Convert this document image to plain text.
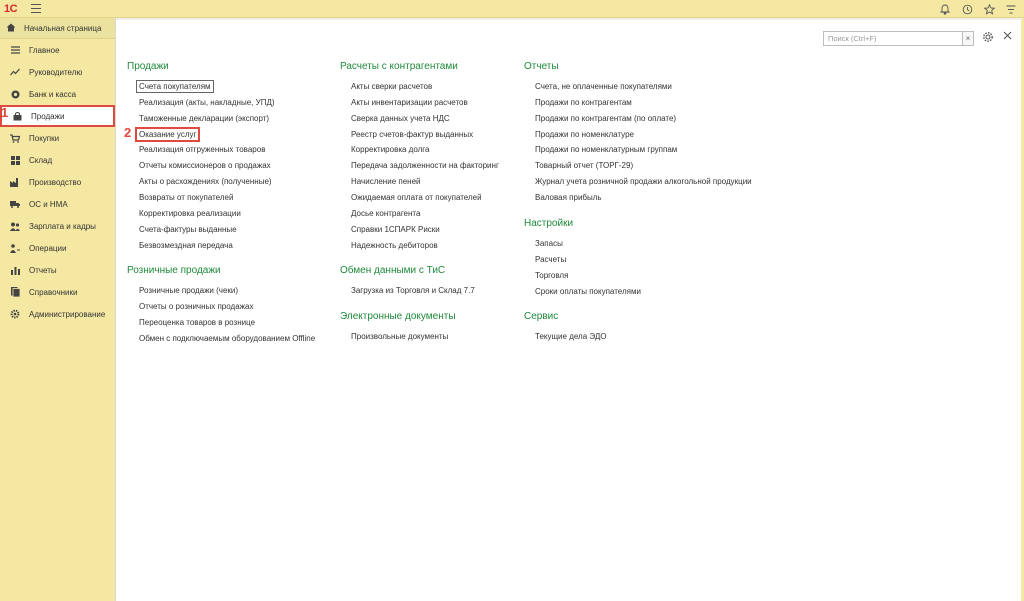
1С
Начальная страница
Главное
Руководителю
Банк и касса
Продажи
Покупки
Склад
Производство
ОС и НМА
Зарплата и кадры
Операции
Отчеты
Справочники
Администрирование
1
Поиск (Ctrl+F)	×
Продажи
Счета покупателям
Реализация (акты, накладные, УПД)
Таможенные декларации (экспорт)
Оказание услуг
Реализация отгруженных товаров
Отчеты комиссионеров о продажах
Акты о расхождениях (полученные)
Возвраты от покупателей
Корректировка реализации
Счета-фактуры выданные
Безвозмездная передача
Розничные продажи
Розничные продажи (чеки)
Отчеты о розничных продажах
Переоценка товаров в рознице
Обмен с подключаемым оборудованием Offline
Расчеты с контрагентами
Акты сверки расчетов
Акты инвентаризации расчетов
Сверка данных учета НДС
Реестр счетов-фактур выданных
Корректировка долга
Передача задолженности на факторинг
Начисление пеней
Ожидаемая оплата от покупателей
Досье контрагента
Справки 1СПАРК Риски
Надежность дебиторов
Обмен данными с ТиС
Загрузка из Торговля и Склад 7.7
Электронные документы
Произвольные документы
Отчеты
Счета, не оплаченные покупателями
Продажи по контрагентам
Продажи по контрагентам (по оплате)
Продажи по номенклатуре
Продажи по номенклатурным группам
Товарный отчет (ТОРГ-29)
Журнал учета розничной продажи алкогольной продукции
Валовая прибыль
Настройки
Запасы
Расчеты
Торговля
Сроки оплаты покупателями
Сервис
Текущие дела ЭДО
2
